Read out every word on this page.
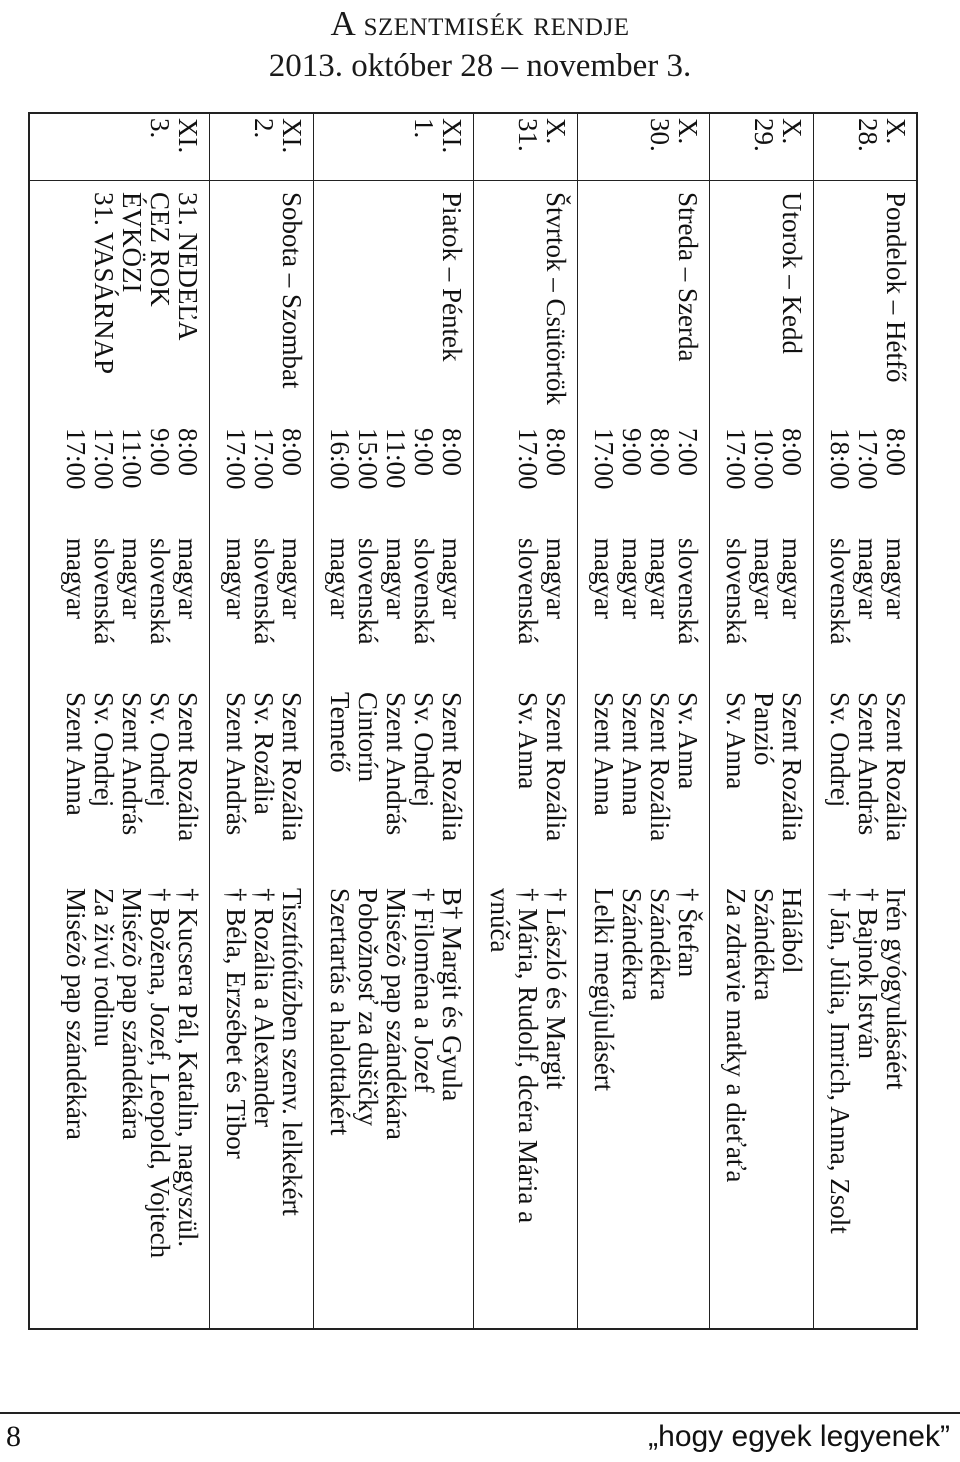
A szentmisék rendje
2013. október 28 – november 3.
X.
28.
Pondelok – Hétfő
8:00
magyar
Szent Rozália
Irén gyógyulásáért
17:00
magyar
Szent András
† Bajnok István
18:00
slovenská
Sv. Ondrej
† Ján, Júlia, Imrich, Anna, Zsolt
X.
29.
Utorok – Kedd
8:00
magyar
Szent Rozália
Hálából
10:00
magyar
Panzió
Szándékra
17:00
slovenská
Sv. Anna
Za zdravie matky a dieťaťa
X.
30.
Streda – Szerda
7:00
slovenská
Sv. Anna
† Štefan
8:00
magyar
Szent Rozália
Szándékra
9:00
magyar
Szent Anna
Szándékra
17:00
magyar
Szent Anna
Lelki megújulásért
X.
31.
Štvrtok – Csütörtök
8:00
magyar
Szent Rozália
† László és Margit
17:00
slovenská
Sv. Anna
† Mária, Rudolf, dcéra Mária a
vnúča
XI.
1.
Piatok – Péntek
8:00
magyar
Szent Rozália
B† Margit és Gyula
9:00
slovenská
Sv. Ondrej
† Filoména a Jozef
11:00
magyar
Szent András
Misézõ pap szándékára
15:00
slovenská
Cintorín
Pobožnosť za dušičky
16:00
magyar
Temető
Szertartás a halottakért
XI.
2.
Sobota – Szombat
8:00
magyar
Szent Rozália
Tisztítótűzben szenv. lelkekért
17:00
slovenská
Sv. Rozália
† Rozália a Alexander
17:00
magyar
Szent András
† Béla, Erzsébet és Tibor
XI.
3.
31. NEDEĽA
CEZ ROK
ÉVKÖZI
31. VASÁRNAP
8:00
magyar
Szent Rozália
† Kucsera Pál, Katalin, nagyszül.
9:00
slovenská
Sv. Ondrej
† Božena, Jozef, Leopold, Vojtech
11:00
magyar
Szent András
Misézõ pap szándékára
17:00
slovenská
Sv. Ondrej
Za živú rodinu
17:00
magyar
Szent Anna
Misézõ pap szándékára
8	„hogy egyek legyenek”
